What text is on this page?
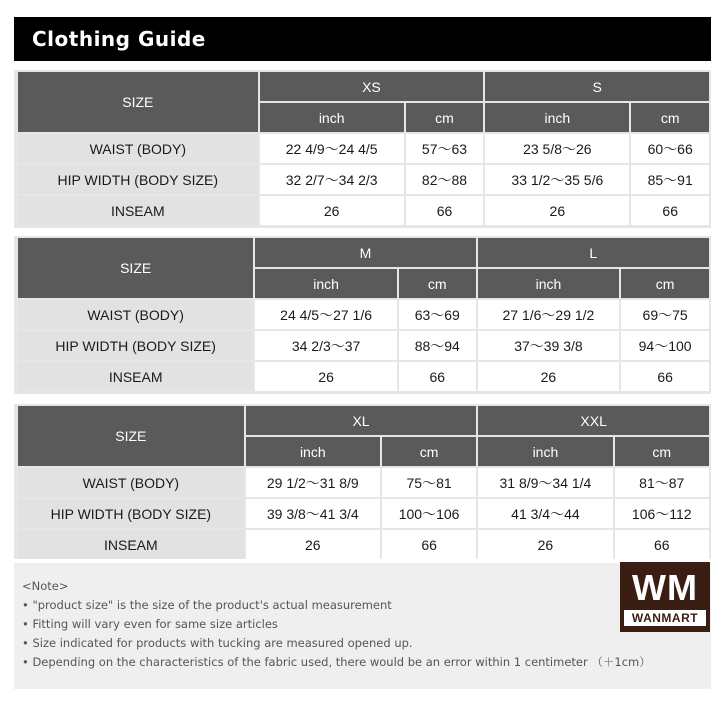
Clothing Guide
SIZE	XS		S	
	inch	cm	inch	cm
WAIST (BODY)	22 4/9～24 4/5	57～63	23 5/8～26	60～66
HIP WIDTH (BODY SIZE)	32 2/7～34 2/3	82～88	33 1/2～35 5/6	85～91
INSEAM	26	66	26	66
SIZE	M		L	
	inch	cm	inch	cm
WAIST (BODY)	24 4/5～27 1/6	63～69	27 1/6～29 1/2	69～75
HIP WIDTH (BODY SIZE)	34 2/3～37	88～94	37～39 3/8	94～100
INSEAM	26	66	26	66
SIZE	XL		XXL	
	inch	cm	inch	cm
WAIST (BODY)	29 1/2～31 8/9	75～81	31 8/9～34 1/4	81～87
HIP WIDTH (BODY SIZE)	39 3/8～41 3/4	100～106	41 3/4～44	106～112
INSEAM	26	66	26	66
<Note>
• "product size" is the size of the product's actual measurement
• Fitting will vary even for same size articles
• Size indicated for products with tucking are measured opened up.
• Depending on the characteristics of the fabric used, there would be an error within 1 centimeter （＋1cm）
WM
WANMART
